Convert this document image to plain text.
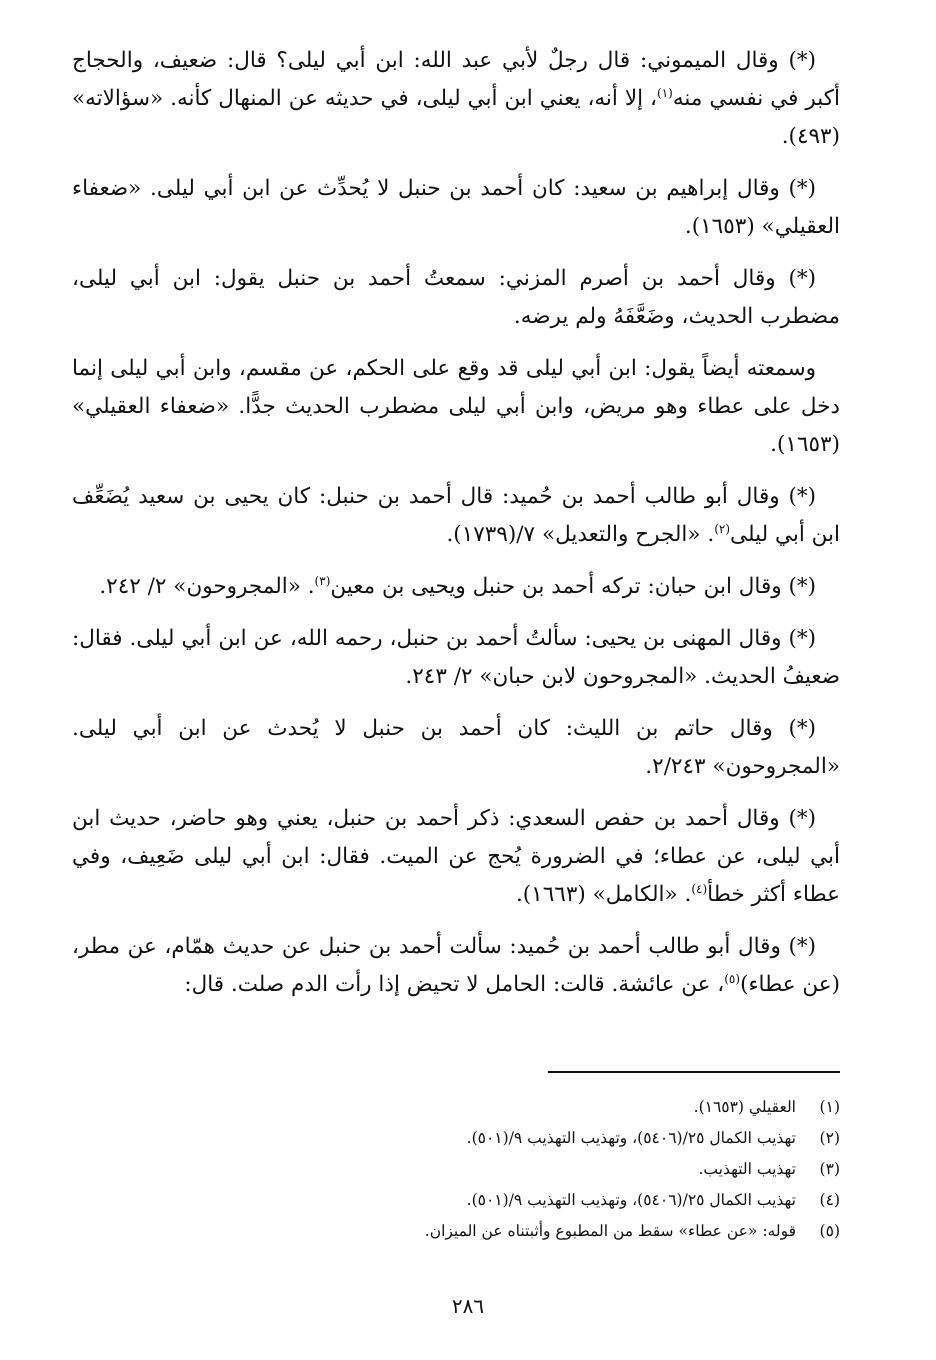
(*) وقال الميموني: قال رجلٌ لأبي عبد الله: ابن أبي ليلى؟ قال: ضعيف، والحجاج أكبر في نفسي منه$^{(١)}$، إلا أنه، يعني ابن أبي ليلى، في حديثه عن المنهال كأنه. «سؤالاته» (٤٩٣).

(*) وقال إبراهيم بن سعيد: كان أحمد بن حنبل لا يُحدِّث عن ابن أبي ليلى. «ضعفاء العقيلي» (١٦٥٣).

(*) وقال أحمد بن أصرم المزني: سمعتُ أحمد بن حنبل يقول: ابن أبي ليلى، مضطرب الحديث، وضَعَّفَهُ ولم يرضه.

وسمعته أيضاً يقول: ابن أبي ليلى قد وقع على الحكم، عن مقسم، وابن أبي ليلى إنما دخل على عطاء وهو مريض، وابن أبي ليلى مضطرب الحديث جدًّا. «ضعفاء العقيلي» (١٦٥٣).

(*) وقال أبو طالب أحمد بن حُميد: قال أحمد بن حنبل: كان يحيى بن سعيد يُضَعِّف ابن أبي ليلى$^{(٢)}$. «الجرح والتعديل» ٧/(١٧٣٩).

(*) وقال ابن حبان: تركه أحمد بن حنبل ويحيى بن معين$^{(٣)}$. «المجروحون» ٢/ ٢٤٢.

(*) وقال المهنى بن يحيى: سألتُ أحمد بن حنبل، رحمه الله، عن ابن أبي ليلى. فقال: ضعيفُ الحديث. «المجروحون لابن حبان» ٢/ ٢٤٣.

(*) وقال حاتم بن الليث: كان أحمد بن حنبل لا يُحدث عن ابن أبي ليلى. «المجروحون» ٢/٢٤٣.

(*) وقال أحمد بن حفص السعدي: ذكر أحمد بن حنبل، يعني وهو حاضر، حديث ابن أبي ليلى، عن عطاء؛ في الضرورة يُحج عن الميت. فقال: ابن أبي ليلى ضَعِيف، وفي عطاء أكثر خطأ$^{(٤)}$. «الكامل» (١٦٦٣).

(*) وقال أبو طالب أحمد بن حُميد: سألت أحمد بن حنبل عن حديث همّام، عن مطر، (عن عطاء)$^{(٥)}$، عن عائشة. قالت: الحامل لا تحيض إذا رأت الدم صلت. قال:

(١)العقيلي (١٦٥٣).
(٢)تهذيب الكمال ٢٥/(٥٤٠٦)، وتهذيب التهذيب ٩/(٥٠١).
(٣)تهذيب التهذيب.
(٤)تهذيب الكمال ٢٥/(٥٤٠٦)، وتهذيب التهذيب ٩/(٥٠١).
(٥)قوله: «عن عطاء» سقط من المطبوع وأثبتناه عن الميزان.
٢٨٦
